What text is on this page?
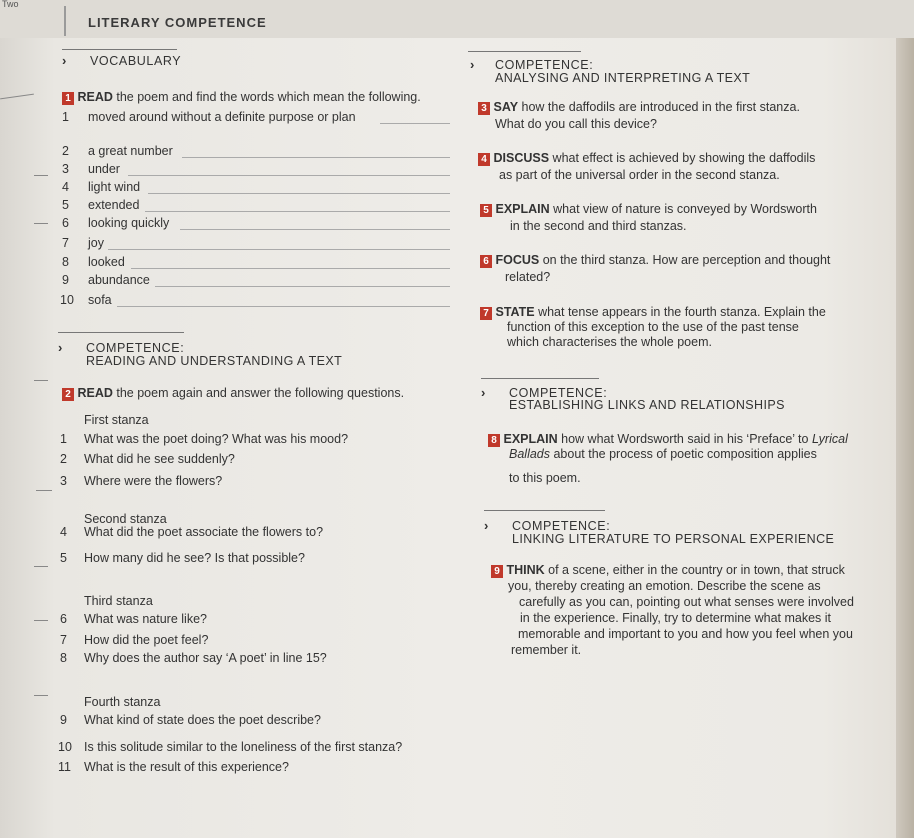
Two
LITERARY COMPETENCE
› VOCABULARY
1 READ the poem and find the words which mean the following.
› COMPETENCE:
READING AND UNDERSTANDING A TEXT
2 READ the poem again and answer the following questions.
› COMPETENCE:
ANALYSING AND INTERPRETING A TEXT
› COMPETENCE:
ESTABLISHING LINKS AND RELATIONSHIPS
8 EXPLAIN how what Wordsworth said in his ‘Preface’ to Lyrical
Ballads about the process of poetic composition applies
to this poem.
› COMPETENCE:
LINKING LITERATURE TO PERSONAL EXPERIENCE
1 moved around without a definite purpose or plan
2 a great number
3 under
4 light wind
5 extended
6 looking quickly
7 joy
8 looked
9 abundance
10 sofa
First stanza
1 What was the poet doing? What was his mood?
2 What did he see suddenly?
3 Where were the flowers?
Second stanza
4 What did the poet associate the flowers to?
5 How many did he see? Is that possible?
Third stanza
6 What was nature like?
7 How did the poet feel?
8 Why does the author say ‘A poet’ in line 15?
Fourth stanza
9 What kind of state does the poet describe?
10 Is this solitude similar to the loneliness of the first stanza?
11 What is the result of this experience?
3 SAY how the daffodils are introduced in the first stanza.
What do you call this device?
4 DISCUSS what effect is achieved by showing the daffodils
as part of the universal order in the second stanza.
5 EXPLAIN what view of nature is conveyed by Wordsworth
in the second and third stanzas.
6 FOCUS on the third stanza. How are perception and thought
related?
7 STATE what tense appears in the fourth stanza. Explain the
function of this exception to the use of the past tense
which characterises the whole poem.
9 THINK of a scene, either in the country or in town, that struck
you, thereby creating an emotion. Describe the scene as
carefully as you can, pointing out what senses were involved
in the experience. Finally, try to determine what makes it
memorable and important to you and how you feel when you
remember it.
